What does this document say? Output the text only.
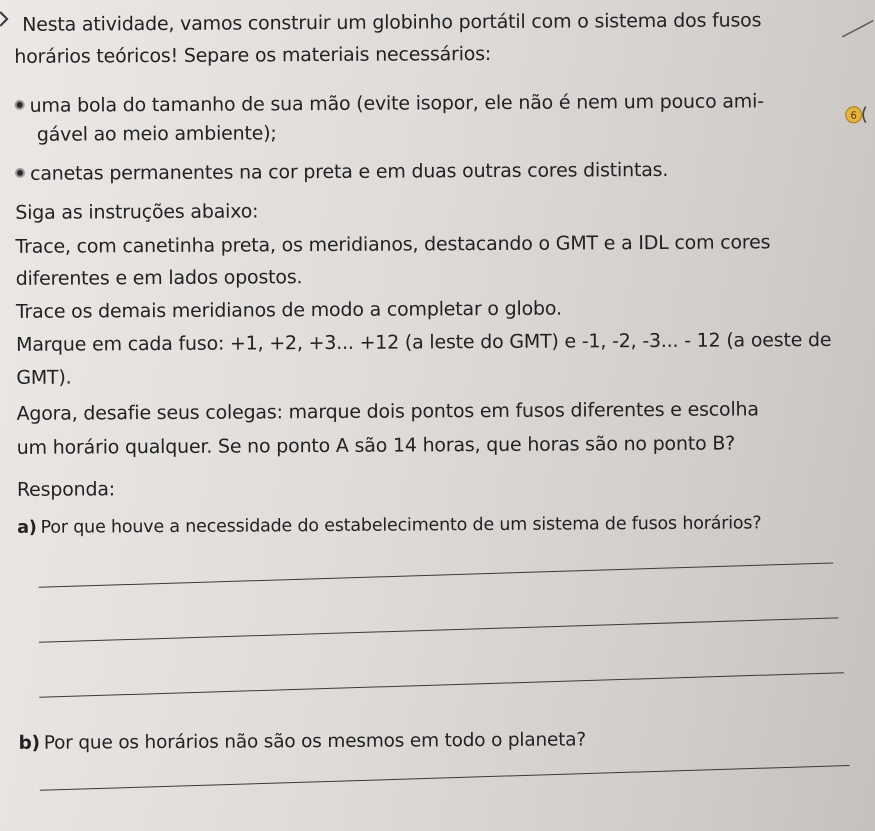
Nesta atividade, vamos construir um globinho portátil com o sistema dos fusos
horários teóricos! Separe os materiais necessários:
uma bola do tamanho de sua mão (evite isopor, ele não é nem um pouco ami-
gável ao meio ambiente);
canetas permanentes na cor preta e em duas outras cores distintas.
Siga as instruções abaixo:
Trace, com canetinha preta, os meridianos, destacando o GMT e a IDL com cores
diferentes e em lados opostos.
Trace os demais meridianos de modo a completar o globo.
Marque em cada fuso: +1, +2, +3... +12 (a leste do GMT) e -1, -2, -3... - 12 (a oeste de
GMT).
Agora, desafie seus colegas: marque dois pontos em fusos diferentes e escolha
um horário qualquer. Se no ponto A são 14 horas, que horas são no ponto B?
Responda:
a) Por que houve a necessidade do estabelecimento de um sistema de fusos horários?
b) Por que os horários não são os mesmos em todo o planeta?
6
